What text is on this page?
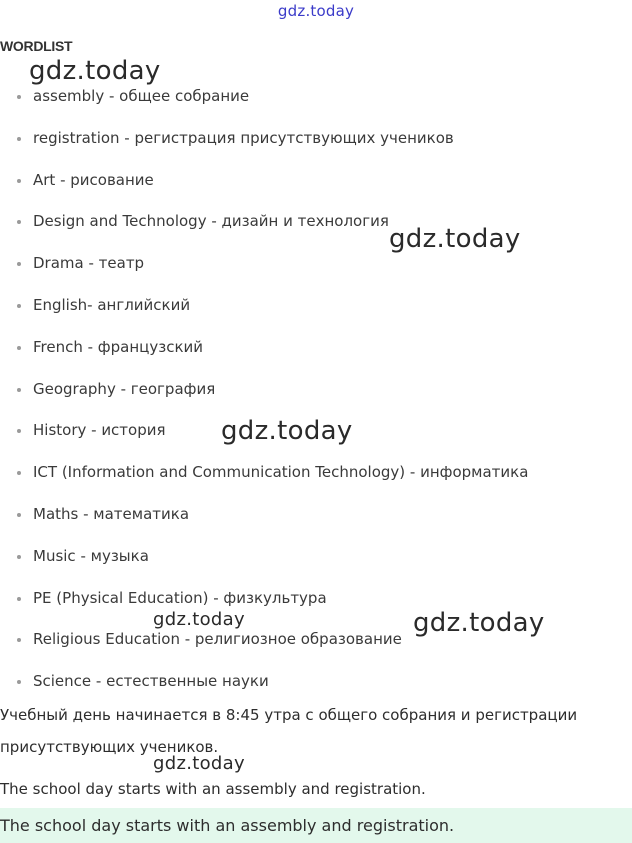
gdz.today
WORDLIST
assembly - общее собрание
registration - регистрация присутствующих учеников
Art - рисование
Design and Technology - дизайн и технология
Drama - театр
English- английский
French - французский
Geography - география
History - история
ICT (Information and Communication Technology) - информатика
Maths - математика
Music - музыка
PE (Physical Education) - физкультура
Religious Education - религиозное образование
Science - естественные науки
Учебный день начинается в 8:45 утра с общего собрания и регистрации
присутствующих учеников.
The school day starts with an assembly and registration.
The school day starts with an assembly and registration.
gdz.today
gdz.today
gdz.today
gdz.today	gdz.today
gdz.today
